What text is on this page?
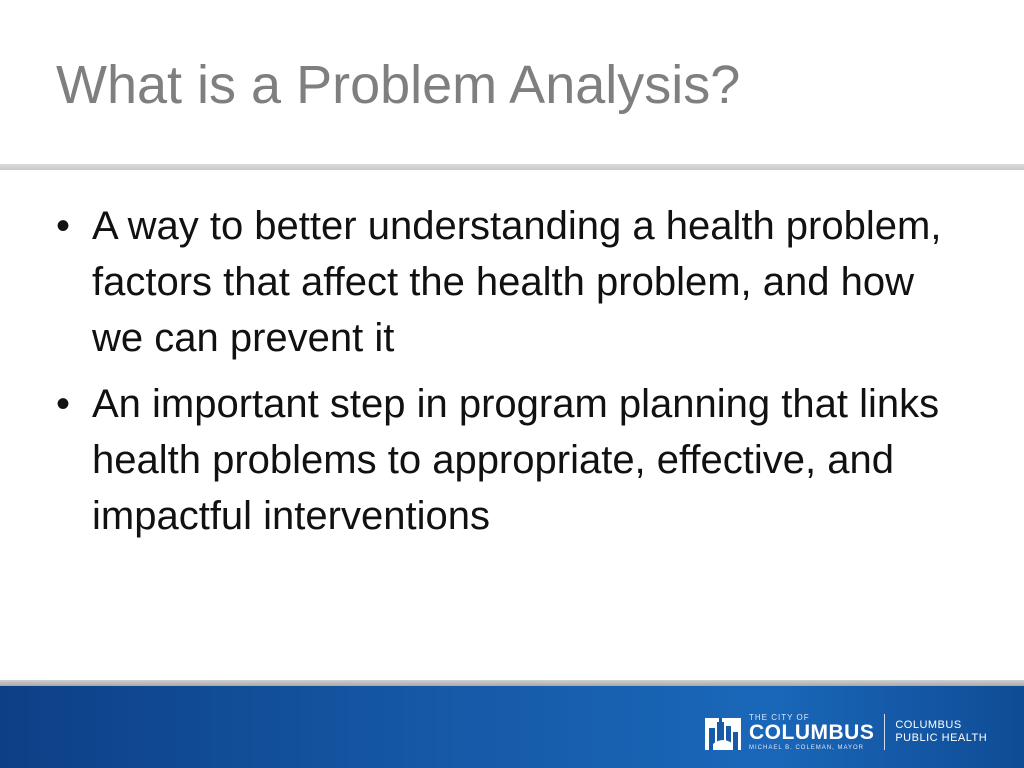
What is a Problem Analysis?
• A way to better understanding a health problem, factors that affect the health problem, and how we can prevent it
• An important step in program planning that links health problems to appropriate, effective, and impactful interventions
THE CITY OF
COLUMBUS
MICHAEL B. COLEMAN, MAYOR
COLUMBUS
PUBLIC HEALTH
